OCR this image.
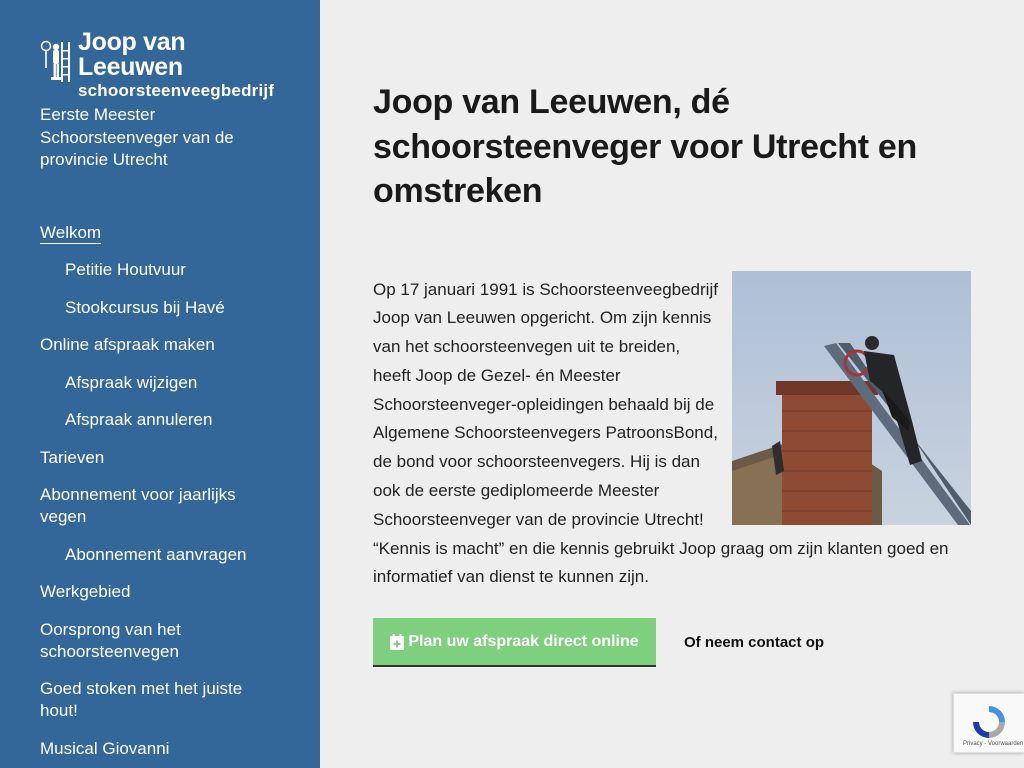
Joop van Leeuwen
schoorsteenveegbedrijf
Eerste Meester Schoorsteenveger van de provincie Utrecht
Welkom
Petitie Houtvuur
Stookcursus bij Havé
Online afspraak maken
Afspraak wijzigen
Afspraak annuleren
Tarieven
Abonnement voor jaarlijks vegen
Abonnement aanvragen
Werkgebied
Oorsprong van het schoorsteenvegen
Goed stoken met het juiste hout!
Musical Giovanni
Joop van Leeuwen, dé schoorsteenveger voor Utrecht en omstreken
Op 17 januari 1991 is Schoorsteenveegbedrijf Joop van Leeuwen opgericht. Om zijn kennis van het schoorsteenvegen uit te breiden, heeft Joop de Gezel- én Meester Schoorsteenveger-opleidingen behaald bij de Algemene Schoorsteenvegers PatroonsBond, de bond voor schoorsteenvegers. Hij is dan ook de eerste gediplomeerde Meester Schoorsteenveger van de provincie Utrecht!
“Kennis is macht” en die kennis gebruikt Joop graag om zijn klanten goed en informatief van dienst te kunnen zijn.
Plan uw afspraak direct online	Of neem contact op
Privacy - Voorwaarden
